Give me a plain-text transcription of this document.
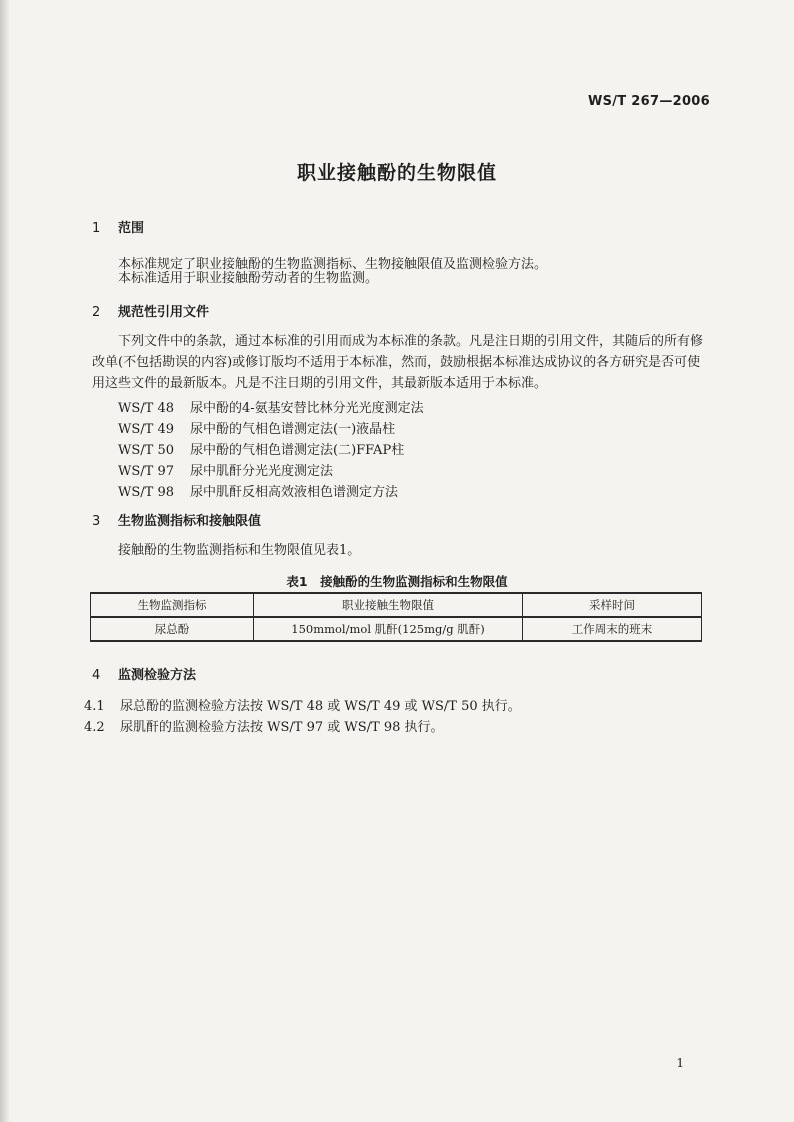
WS/T 267—2006
职业接触酚的生物限值
1 范围
本标准规定了职业接触酚的生物监测指标、生物接触限值及监测检验方法。
本标准适用于职业接触酚劳动者的生物监测。
2 规范性引用文件
下列文件中的条款，通过本标准的引用而成为本标准的条款。凡是注日期的引用文件，其随后的所有修改单(不包括勘误的内容)或修订版均不适用于本标准，然而，鼓励根据本标准达成协议的各方研究是否可使用这些文件的最新版本。凡是不注日期的引用文件，其最新版本适用于本标准。
WS/T 48 尿中酚的4-氨基安替比林分光光度测定法
WS/T 49 尿中酚的气相色谱测定法(一)液晶柱
WS/T 50 尿中酚的气相色谱测定法(二)FFAP柱
WS/T 97 尿中肌酐分光光度测定法
WS/T 98 尿中肌酐反相高效液相色谱测定方法
3 生物监测指标和接触限值
接触酚的生物监测指标和生物限值见表1。
表1　接触酚的生物监测指标和生物限值
生物监测指标	职业接触生物限值	采样时间
尿总酚	150mmol/mol 肌酐(125mg/g 肌酐)	工作周末的班末
4 监测检验方法
4.1 尿总酚的监测检验方法按 WS/T 48 或 WS/T 49 或 WS/T 50 执行。
4.2 尿肌酐的监测检验方法按 WS/T 97 或 WS/T 98 执行。
1
